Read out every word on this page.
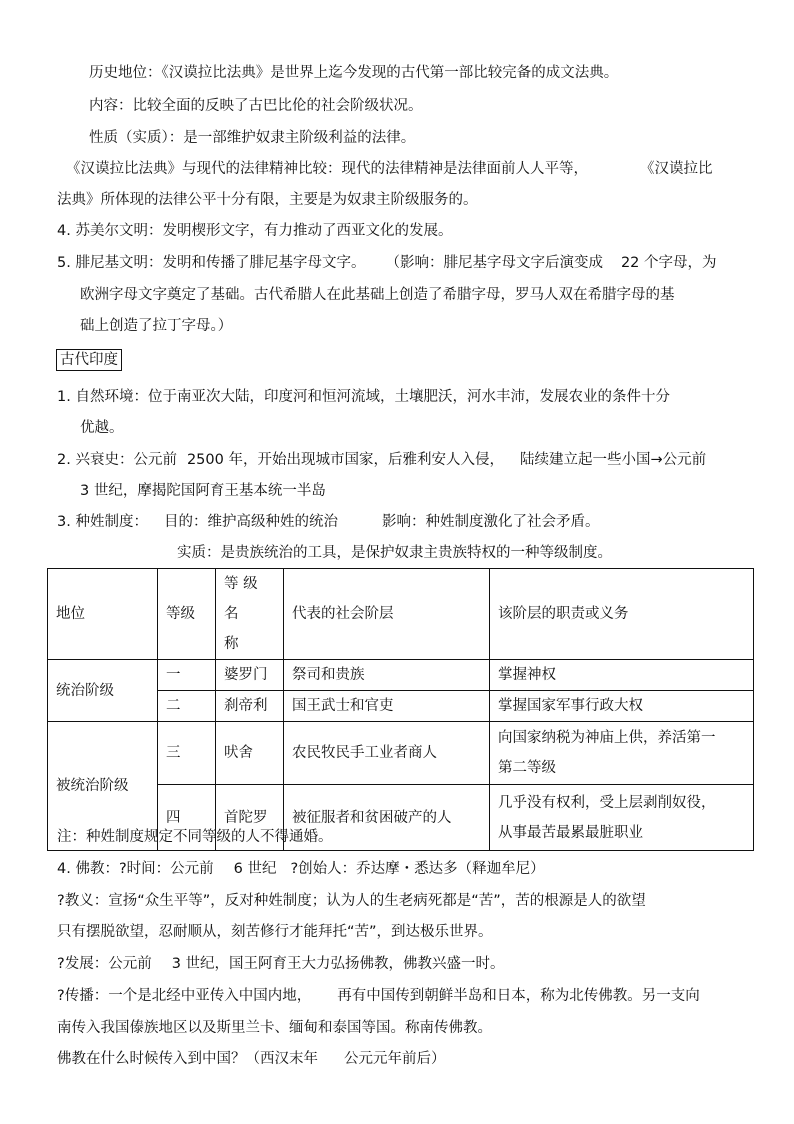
历史地位：《汉谟拉比法典》是世界上迄今发现的古代第一部比较完备的成文法典。
内容：比较全面的反映了古巴比伦的社会阶级状况。
性质（实质）：是一部维护奴隶主阶级利益的法律。
《汉谟拉比法典》与现代的法律精神比较：现代的法律精神是法律面前人人平等，	《汉谟拉比
法典》所体现的法律公平十分有限，主要是为奴隶主阶级服务的。
4. 苏美尔文明：发明楔形文字，有力推动了西亚文化的发展。
5. 腓尼基文明：发明和传播了腓尼基字母文字。 （影响：腓尼基字母文字后演变成 22 个字母，为
欧洲字母文字奠定了基础。古代希腊人在此基础上创造了希腊字母，罗马人双在希腊字母的基
础上创造了拉丁字母。）
古代印度
1. 自然环境：位于南亚次大陆，印度河和恒河流域，土壤肥沃，河水丰沛，发展农业的条件十分
优越。
2. 兴衰史：公元前 2500 年，开始出现城市国家，后雅利安人入侵， 陆续建立起一些小国→公元前
3 世纪，摩揭陀国阿育王基本统一半岛
3. 种姓制度： 目的：维护高级种姓的统治	影响：种姓制度激化了社会矛盾。
实质：是贵族统治的工具，是保护奴隶主贵族特权的一种等级制度。
地位	等级	等 级 名
称	代表的社会阶层	该阶层的职责或义务
统治阶级	一	婆罗门	祭司和贵族	掌握神权
	二	刹帝利	国王武士和官吏	掌握国家军事行政大权
被统治阶级	三	吠舍	农民牧民手工业者商人	向国家纳税为神庙上供，养活第一
第二等级

	四	首陀罗	被征服者和贫困破产的人	几乎没有权利，受上层剥削奴役，
从事最苦最累最脏职业
注：种姓制度规定不同等级的人不得通婚。
4. 佛教：?时间：公元前 6 世纪 ?创始人：乔达摩・悉达多（释迦牟尼）
?教义：宣扬“众生平等”，反对种姓制度；认为人的生老病死都是“苦”，苦的根源是人的欲望
只有摆脱欲望，忍耐顺从，刻苦修行才能拜托“苦”，到达极乐世界。
?发展：公元前 3 世纪，国王阿育王大力弘扬佛教，佛教兴盛一时。
?传播：一个是北经中亚传入中国内地， 再有中国传到朝鲜半岛和日本，称为北传佛教。另一支向
南传入我国傣族地区以及斯里兰卡、缅甸和泰国等国。称南传佛教。
佛教在什么时候传入到中国？（西汉末年 公元元年前后）
